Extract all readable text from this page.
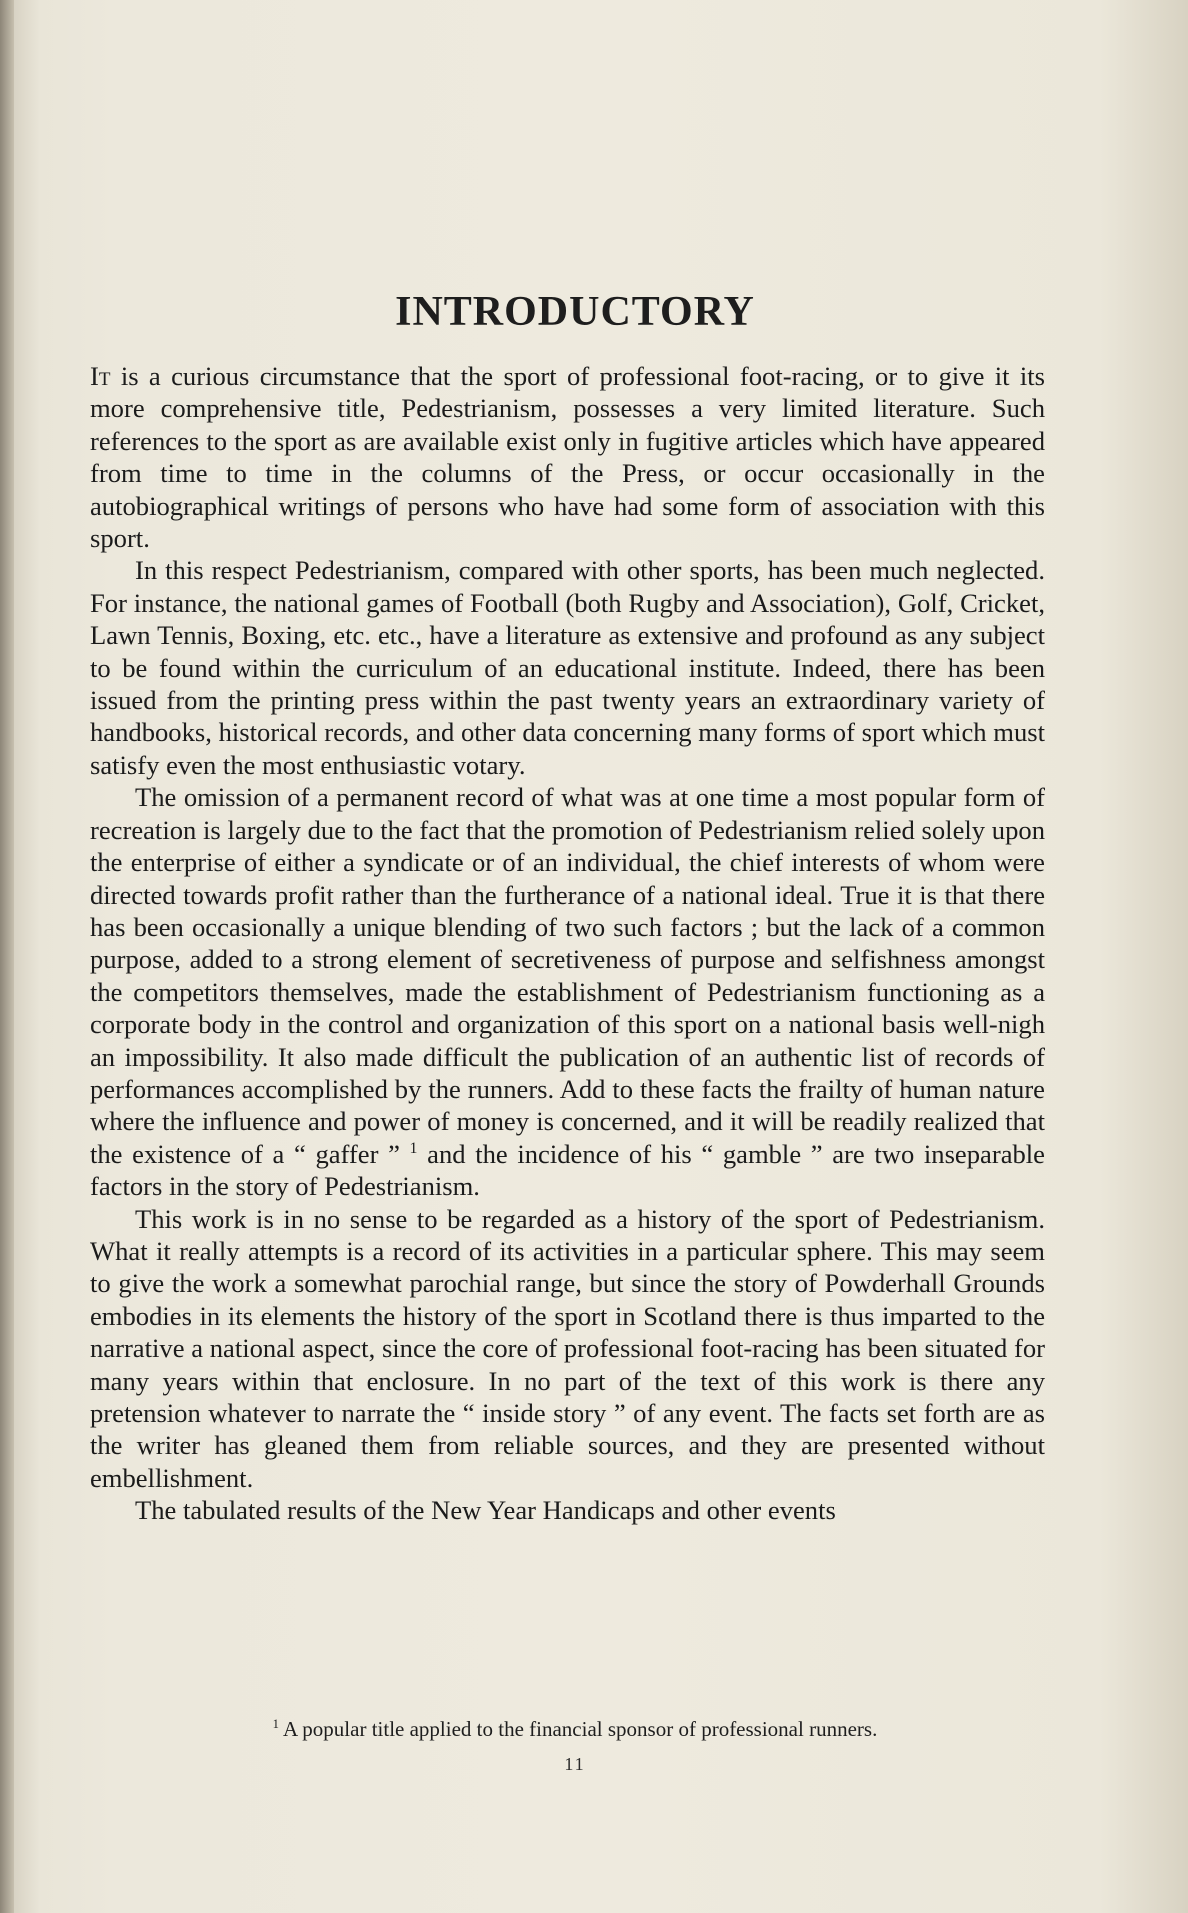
INTRODUCTORY

It is a curious circumstance that the sport of professional foot-racing, or to give it its more comprehensive title, Pedestrianism, possesses a very limited literature. Such references to the sport as are available exist only in fugitive articles which have appeared from time to time in the columns of the Press, or occur occasionally in the autobiographical writings of persons who have had some form of association with this sport.

In this respect Pedestrianism, compared with other sports, has been much neglected. For instance, the national games of Football (both Rugby and Association), Golf, Cricket, Lawn Tennis, Boxing, etc. etc., have a literature as extensive and profound as any subject to be found within the curriculum of an educational institute. Indeed, there has been issued from the printing press within the past twenty years an extraordinary variety of handbooks, historical records, and other data concerning many forms of sport which must satisfy even the most enthusiastic votary.

The omission of a permanent record of what was at one time a most popular form of recreation is largely due to the fact that the promotion of Pedestrianism relied solely upon the enterprise of either a syndicate or of an individual, the chief interests of whom were directed towards profit rather than the furtherance of a national ideal. True it is that there has been occasionally a unique blending of two such factors ; but the lack of a common purpose, added to a strong element of secretiveness of purpose and selfishness amongst the competitors themselves, made the establishment of Pedestrianism functioning as a corporate body in the control and organization of this sport on a national basis well-nigh an impossibility. It also made difficult the publication of an authentic list of records of performances accomplished by the runners. Add to these facts the frailty of human nature where the influence and power of money is concerned, and it will be readily realized that the existence of a “ gaffer ” $^1$ and the incidence of his “ gamble ” are two inseparable factors in the story of Pedestrianism.

This work is in no sense to be regarded as a history of the sport of Pedestrianism. What it really attempts is a record of its activities in a particular sphere. This may seem to give the work a somewhat parochial range, but since the story of Powderhall Grounds embodies in its elements the history of the sport in Scotland there is thus imparted to the narrative a national aspect, since the core of professional foot-racing has been situated for many years within that enclosure. In no part of the text of this work is there any pretension whatever to narrate the “ inside story ” of any event. The facts set forth are as the writer has gleaned them from reliable sources, and they are presented without embellishment.

The tabulated results of the New Year Handicaps and other events

$^1$ A popular title applied to the financial sponsor of professional runners.
11
